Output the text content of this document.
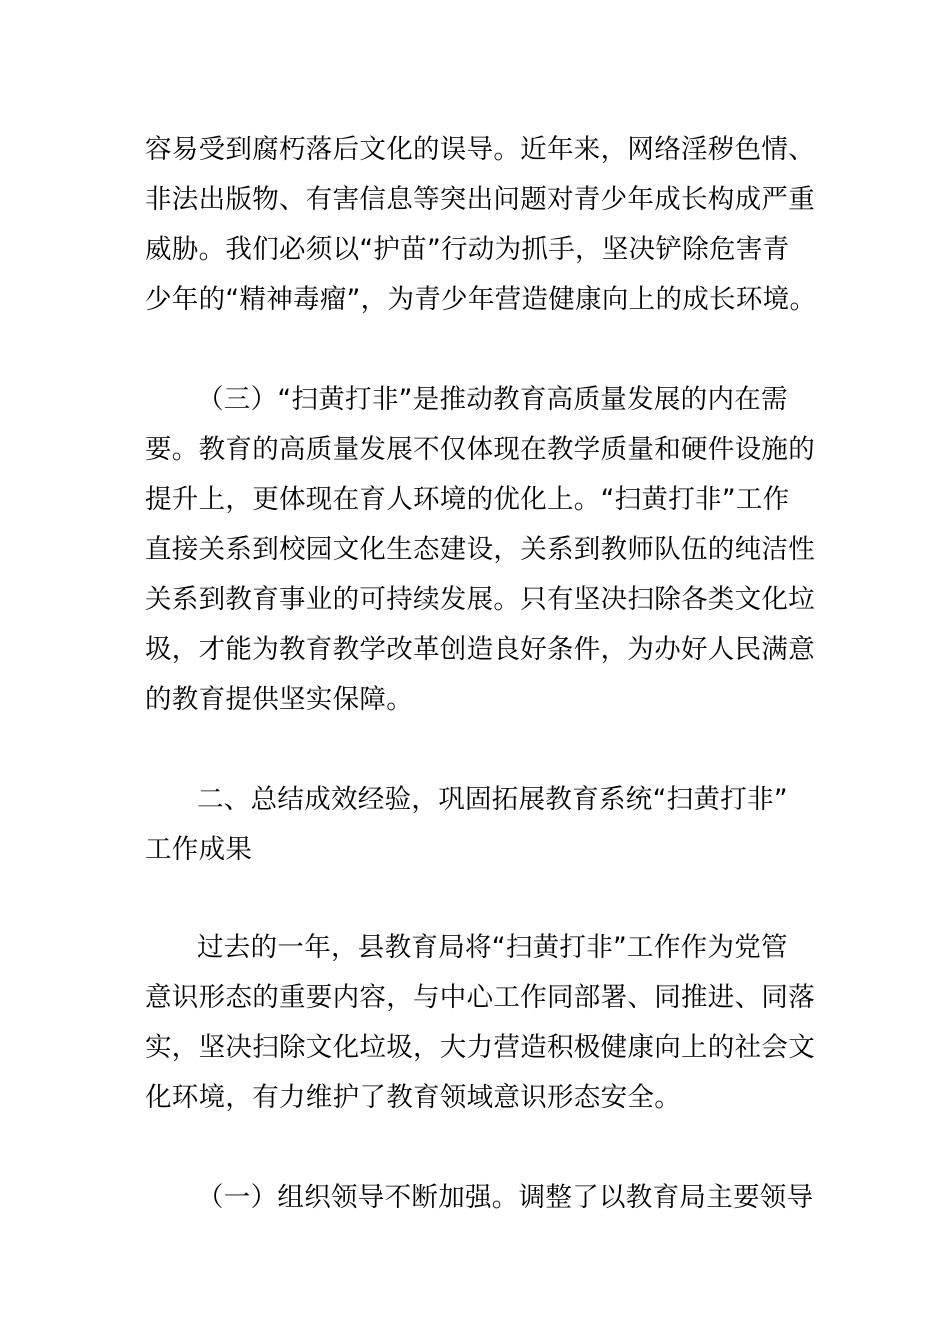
容易受到腐朽落后文化的误导。近年来，网络淫秽色情、
非法出版物、有害信息等突出问题对青少年成长构成严重
威胁。我们必须以“护苗”行动为抓手，坚决铲除危害青
少年的“精神毒瘤”，为青少年营造健康向上的成长环境。
（三）“扫黄打非”是推动教育高质量发展的内在需
要。教育的高质量发展不仅体现在教学质量和硬件设施的
提升上，更体现在育人环境的优化上。“扫黄打非”工作
直接关系到校园文化生态建设，关系到教师队伍的纯洁性
关系到教育事业的可持续发展。只有坚决扫除各类文化垃
圾，才能为教育教学改革创造良好条件，为办好人民满意
的教育提供坚实保障。
二、总结成效经验，巩固拓展教育系统“扫黄打非”
工作成果
过去的一年，县教育局将“扫黄打非”工作作为党管
意识形态的重要内容，与中心工作同部署、同推进、同落
实，坚决扫除文化垃圾，大力营造积极健康向上的社会文
化环境，有力维护了教育领域意识形态安全。
（一）组织领导不断加强。调整了以教育局主要领导
